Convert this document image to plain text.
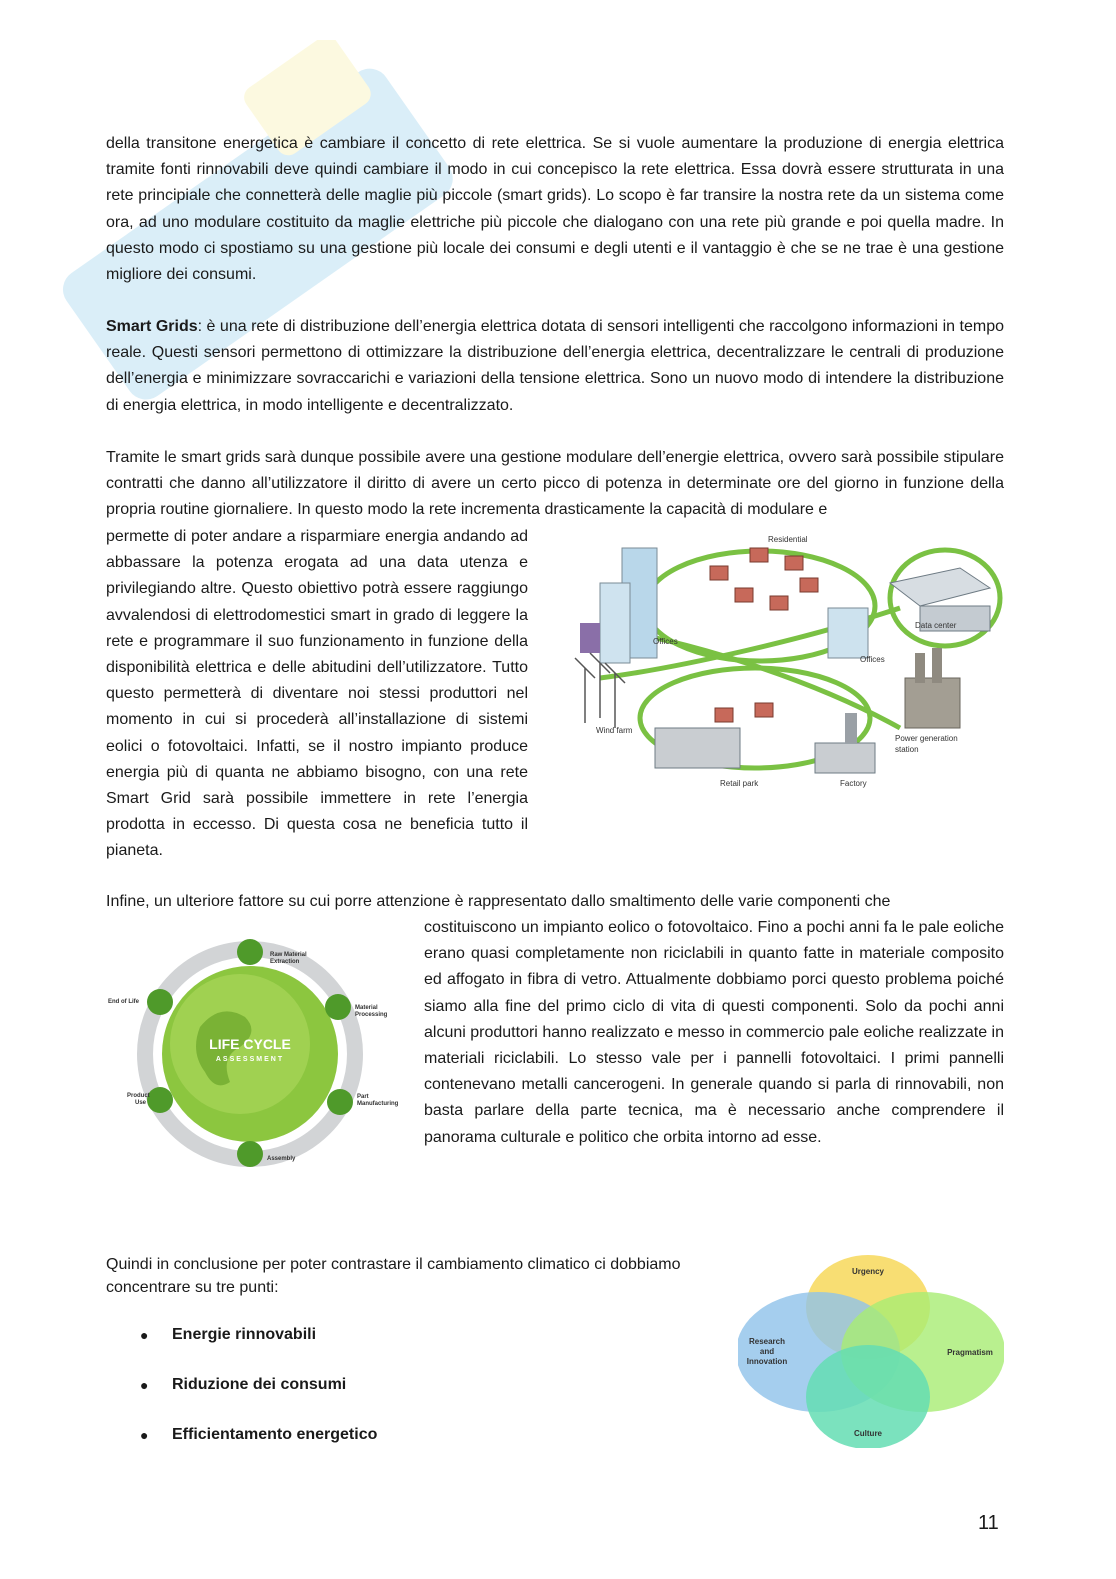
della transitone energetica è cambiare il concetto di rete elettrica. Se si vuole aumentare la produzione di energia elettrica tramite fonti rinnovabili deve quindi cambiare il modo in cui concepisco la rete elettrica. Essa dovrà essere strutturata in una rete principiale che connetterà delle maglie più piccole (smart grids). Lo scopo è far transire la nostra rete da un sistema come ora, ad uno modulare costituito da maglie elettriche più piccole che dialogano con una rete più grande e poi quella madre. In questo modo ci spostiamo su una gestione più locale dei consumi e degli utenti e il vantaggio è che se ne trae è una gestione migliore dei consumi.

Smart Grids: è una rete di distribuzione dell’energia elettrica dotata di sensori intelligenti che raccolgono informazioni in tempo reale. Questi sensori permettono di ottimizzare la distribuzione dell’energia elettrica, decentralizzare le centrali di produzione dell’energia e minimizzare sovraccarichi e variazioni della tensione elettrica. Sono un nuovo modo di intendere la distribuzione di energia elettrica, in modo intelligente e decentralizzato.

Tramite le smart grids sarà dunque possibile avere una gestione modulare dell’energie elettrica, ovvero sarà possibile stipulare contratti che danno all’utilizzatore il diritto di avere un certo picco di potenza in determinate ore del giorno in funzione della propria routine giornaliere. In questo modo la rete incrementa drasticamente la capacità di modulare e

permette di poter andare a risparmiare energia andando ad abbassare la potenza erogata ad una data utenza e privilegiando altre. Questo obiettivo potrà essere raggiungo avvalendosi di elettrodomestici smart in grado di leggere la rete e programmare il suo funzionamento in funzione della disponibilità elettrica e delle abitudini dell’utilizzatore. Tutto questo permetterà di diventare noi stessi produttori nel momento in cui si procederà all’installazione di sistemi eolici o fotovoltaici. Infatti, se il nostro impianto produce energia più di quanta ne abbiamo bisogno, con una rete Smart Grid sarà possibile immettere in rete l’energia prodotta in eccesso. Di questa cosa ne beneficia tutto il pianeta.

Residential
Offices
Data center
Offices
Wind farm
Power generation
station
Retail park	Factory

Infine, un ulteriore fattore su cui porre attenzione è rappresentato dallo smaltimento delle varie componenti che

costituiscono un impianto eolico o fotovoltaico. Fino a pochi anni fa le pale eoliche erano quasi completamente non riciclabili in quanto fatte in materiale composito ed affogato in fibra di vetro. Attualmente dobbiamo porci questo problema poiché siamo alla fine del primo ciclo di vita di questi componenti. Solo da pochi anni alcuni produttori hanno realizzato e messo in commercio pale eoliche realizzate in materiali riciclabili. Lo stesso vale per i pannelli fotovoltaici. I primi pannelli contenevano metalli cancerogeni. In generale quando si parla di rinnovabili, non basta parlare della parte tecnica, ma è necessario anche comprendere il panorama culturale e politico che orbita intorno ad esse.

LIFE CYCLE
ASSESSMENT
Raw Material
Extraction
Material
Processing
Part
Manufacturing
Assembly
Product
Use
End of Life

Quindi in conclusione per poter contrastare il cambiamento climatico ci dobbiamo concentrare su tre punti:

●	Energie rinnovabili
●	Riduzione dei consumi
●	Efficientamento energetico
Urgency
Pragmatism
Culture
Research
and
Innovation
11
